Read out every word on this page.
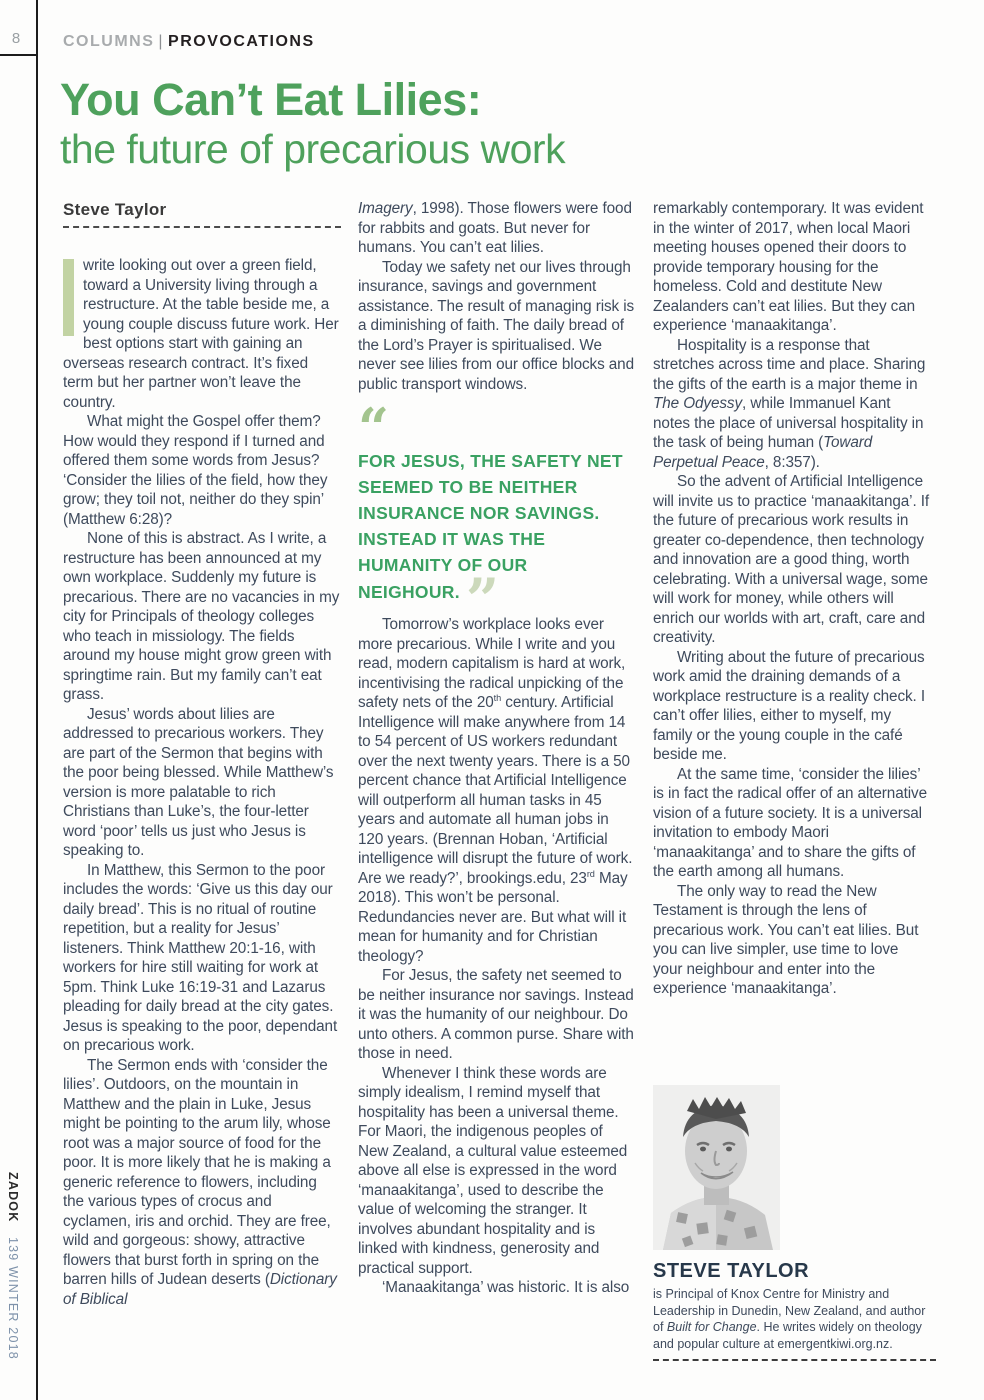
8
ZADOK 139 WINTER 2018
COLUMNS | PROVOCATIONS
You Can’t Eat Lilies:
the future of precarious work
Steve Taylor

write looking out over a green field, toward a University living through a restructure. At the table beside me, a young couple discuss future work. Her best options start with gaining an overseas research contract. It’s fixed term but her partner won’t leave the country.

What might the Gospel offer them? How would they respond if I turned and offered them some words from Jesus? ‘Consider the lilies of the field, how they grow; they toil not, neither do they spin’ (Matthew 6:28)?

None of this is abstract. As I write, a restructure has been announced at my own workplace. Suddenly my future is precarious. There are no vacancies in my city for Principals of theology colleges who teach in missiology. The fields around my house might grow green with springtime rain. But my family can’t eat grass.

Jesus’ words about lilies are addressed to precarious workers. They are part of the Sermon that begins with the poor being blessed. While Matthew’s version is more palatable to rich Christians than Luke’s, the four-letter word ‘poor’ tells us just who Jesus is speaking to.

In Matthew, this Sermon to the poor includes the words: ‘Give us this day our daily bread’. This is no ritual of routine repetition, but a reality for Jesus’ listeners. Think Matthew 20:1-16, with workers for hire still waiting for work at 5pm. Think Luke 16:19-31 and Lazarus pleading for daily bread at the city gates. Jesus is speaking to the poor, dependant on precarious work.

The Sermon ends with ‘consider the lilies’. Outdoors, on the mountain in Matthew and the plain in Luke, Jesus might be pointing to the arum lily, whose root was a major source of food for the poor. It is more likely that he is making a generic reference to flowers, including the various types of crocus and cyclamen, iris and orchid. They are free, wild and gorgeous: showy, attractive flowers that burst forth in spring on the barren hills of Judean deserts (Dictionary of Biblical

Imagery, 1998). Those flowers were food for rabbits and goats. But never for humans. You can’t eat lilies.

Today we safety net our lives through insurance, savings and government assistance. The result of managing risk is a diminishing of faith. The daily bread of the Lord’s Prayer is spiritualised. We never see lilies from our office blocks and public transport windows.

“
FOR JESUS, THE SAFETY NET SEEMED TO BE NEITHER INSURANCE NOR SAVINGS. INSTEAD IT WAS THE HUMANITY OF OUR NEIGHOUR. ”

Tomorrow’s workplace looks ever more precarious. While I write and you read, modern capitalism is hard at work, incentivising the radical unpicking of the safety nets of the 20th century. Artificial Intelligence will make anywhere from 14 to 54 percent of US workers redundant over the next twenty years. There is a 50 percent chance that Artificial Intelligence will outperform all human tasks in 45 years and automate all human jobs in 120 years. (Brennan Hoban, ‘Artificial intelligence will disrupt the future of work. Are we ready?’, brookings.edu, 23rd May 2018). This won’t be personal. Redundancies never are. But what will it mean for humanity and for Christian theology?

For Jesus, the safety net seemed to be neither insurance nor savings. Instead it was the humanity of our neighbour. Do unto others. A common purse. Share with those in need.

Whenever I think these words are simply idealism, I remind myself that hospitality has been a universal theme. For Maori, the indigenous peoples of New Zealand, a cultural value esteemed above all else is expressed in the word ‘manaakitanga’, used to describe the value of welcoming the stranger. It involves abundant hospitality and is linked with kindness, generosity and practical support.

‘Manaakitanga’ was historic. It is also

remarkably contemporary. It was evident in the winter of 2017, when local Maori meeting houses opened their doors to provide temporary housing for the homeless. Cold and destitute New Zealanders can’t eat lilies. But they can experience ‘manaakitanga’.

Hospitality is a response that stretches across time and place. Sharing the gifts of the earth is a major theme in The Odyessy, while Immanuel Kant notes the place of universal hospitality in the task of being human (Toward Perpetual Peace, 8:357).

So the advent of Artificial Intelligence will invite us to practice ‘manaakitanga’. If the future of precarious work results in greater co-dependence, then technology and innovation are a good thing, worth celebrating. With a universal wage, some will work for money, while others will enrich our worlds with art, craft, care and creativity.

Writing about the future of precarious work amid the draining demands of a workplace restructure is a reality check. I can’t offer lilies, either to myself, my family or the young couple in the café beside me.

At the same time, ‘consider the lilies’ is in fact the radical offer of an alternative vision of a future society. It is a universal invitation to embody Maori ‘manaakitanga’ and to share the gifts of the earth among all humans.

The only way to read the New Testament is through the lens of precarious work. You can’t eat lilies. But you can live simpler, use time to love your neighbour and enter into the experience ‘manaakitanga’.

STEVE TAYLOR
is Principal of Knox Centre for Ministry and Leadership in Dunedin, New Zealand, and author of Built for Change. He writes widely on theology and popular culture at emergentkiwi.org.nz.
